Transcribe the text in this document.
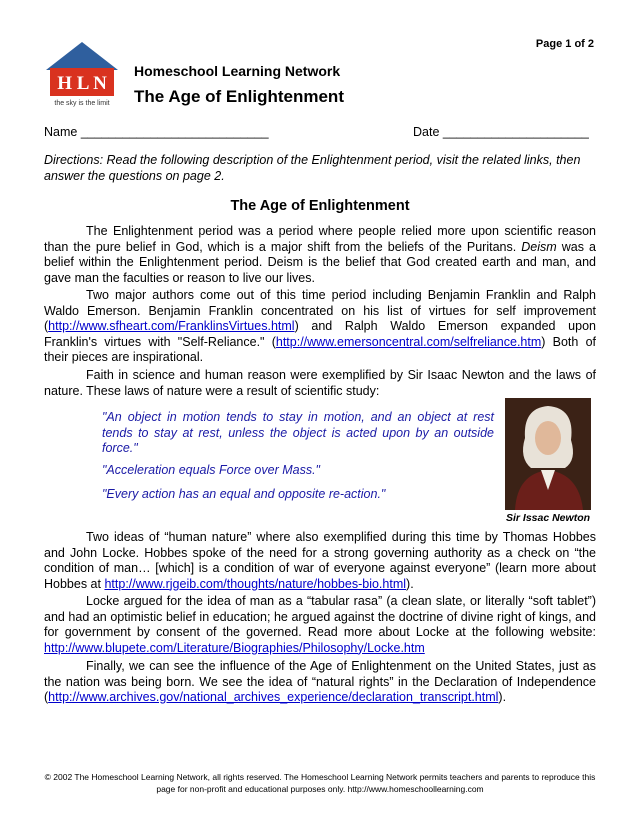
Page 1 of 2
H L N
the sky is the limit
Homeschool Learning Network
The Age of Enlightenment
Name ___________________________	Date _____________________
Directions: Read the following description of the Enlightenment period, visit the related links, then answer the questions on page 2.
The Age of Enlightenment

The Enlightenment period was a period where people relied more upon scientific reason than the pure belief in God, which is a major shift from the beliefs of the Puritans. Deism was a belief within the Enlightenment period. Deism is the belief that God created earth and man, and gave man the faculties or reason to live our lives.

Two major authors come out of this time period including Benjamin Franklin and Ralph Waldo Emerson. Benjamin Franklin concentrated on his list of virtues for self improvement (http://www.sfheart.com/FranklinsVirtues.html) and Ralph Waldo Emerson expanded upon Franklin's virtues with "Self-Reliance." (http://www.emersoncentral.com/selfreliance.htm) Both of their pieces are inspirational.

Faith in science and human reason were exemplified by Sir Isaac Newton and the laws of nature. These laws of nature were a result of scientific study:

"An object in motion tends to stay in motion, and an object at rest tends to stay at rest, unless the object is acted upon by an outside force."

"Acceleration equals Force over Mass."

"Every action has an equal and opposite re-action."

Sir Issac Newton

Two ideas of “human nature” where also exemplified during this time by Thomas Hobbes and John Locke. Hobbes spoke of the need for a strong governing authority as a check on “the condition of man… [which] is a condition of war of everyone against everyone” (learn more about Hobbes at http://www.rjgeib.com/thoughts/nature/hobbes-bio.html).

Locke argued for the idea of man as a “tabular rasa” (a clean slate, or literally “soft tablet”) and had an optimistic belief in education; he argued against the doctrine of divine right of kings, and for government by consent of the governed. Read more about Locke at the following website: http://www.blupete.com/Literature/Biographies/Philosophy/Locke.htm

Finally, we can see the influence of the Age of Enlightenment on the United States, just as the nation was being born. We see the idea of “natural rights” in the Declaration of Independence (http://www.archives.gov/national_archives_experience/declaration_transcript.html).

© 2002 The Homeschool Learning Network, all rights reserved. The Homeschool Learning Network permits teachers and parents to reproduce this
page for non-profit and educational purposes only. http://www.homeschoollearning.com
